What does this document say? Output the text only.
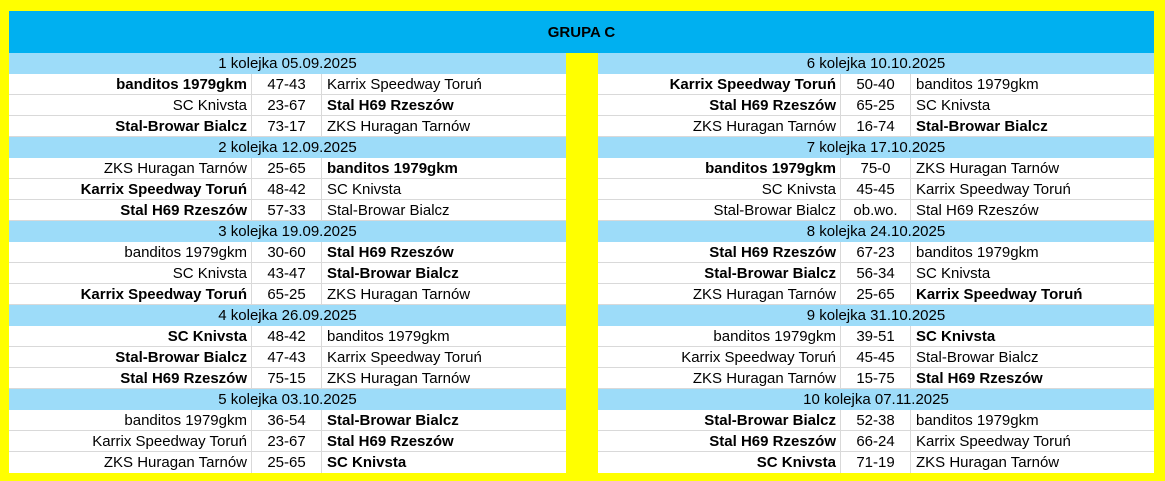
GRUPA C
1 kolejka 05.09.2025
banditos 1979gkm	47-43	Karrix Speedway Toruń
SC Knivsta	23-67	Stal H69 Rzeszów
Stal-Browar Bialcz	73-17	ZKS Huragan Tarnów
2 kolejka 12.09.2025
ZKS Huragan Tarnów	25-65	banditos 1979gkm
Karrix Speedway Toruń	48-42	SC Knivsta
Stal H69 Rzeszów	57-33	Stal-Browar Bialcz
3 kolejka 19.09.2025
banditos 1979gkm	30-60	Stal H69 Rzeszów
SC Knivsta	43-47	Stal-Browar Bialcz
Karrix Speedway Toruń	65-25	ZKS Huragan Tarnów
4 kolejka 26.09.2025
SC Knivsta	48-42	banditos 1979gkm
Stal-Browar Bialcz	47-43	Karrix Speedway Toruń
Stal H69 Rzeszów	75-15	ZKS Huragan Tarnów
5 kolejka 03.10.2025
banditos 1979gkm	36-54	Stal-Browar Bialcz
Karrix Speedway Toruń	23-67	Stal H69 Rzeszów
ZKS Huragan Tarnów	25-65	SC Knivsta
6 kolejka 10.10.2025
Karrix Speedway Toruń	50-40	banditos 1979gkm
Stal H69 Rzeszów	65-25	SC Knivsta
ZKS Huragan Tarnów	16-74	Stal-Browar Bialcz
7 kolejka 17.10.2025
banditos 1979gkm	75-0	ZKS Huragan Tarnów
SC Knivsta	45-45	Karrix Speedway Toruń
Stal-Browar Bialcz	ob.wo.	Stal H69 Rzeszów
8 kolejka 24.10.2025
Stal H69 Rzeszów	67-23	banditos 1979gkm
Stal-Browar Bialcz	56-34	SC Knivsta
ZKS Huragan Tarnów	25-65	Karrix Speedway Toruń
9 kolejka 31.10.2025
banditos 1979gkm	39-51	SC Knivsta
Karrix Speedway Toruń	45-45	Stal-Browar Bialcz
ZKS Huragan Tarnów	15-75	Stal H69 Rzeszów
10 kolejka 07.11.2025
Stal-Browar Bialcz	52-38	banditos 1979gkm
Stal H69 Rzeszów	66-24	Karrix Speedway Toruń
SC Knivsta	71-19	ZKS Huragan Tarnów
